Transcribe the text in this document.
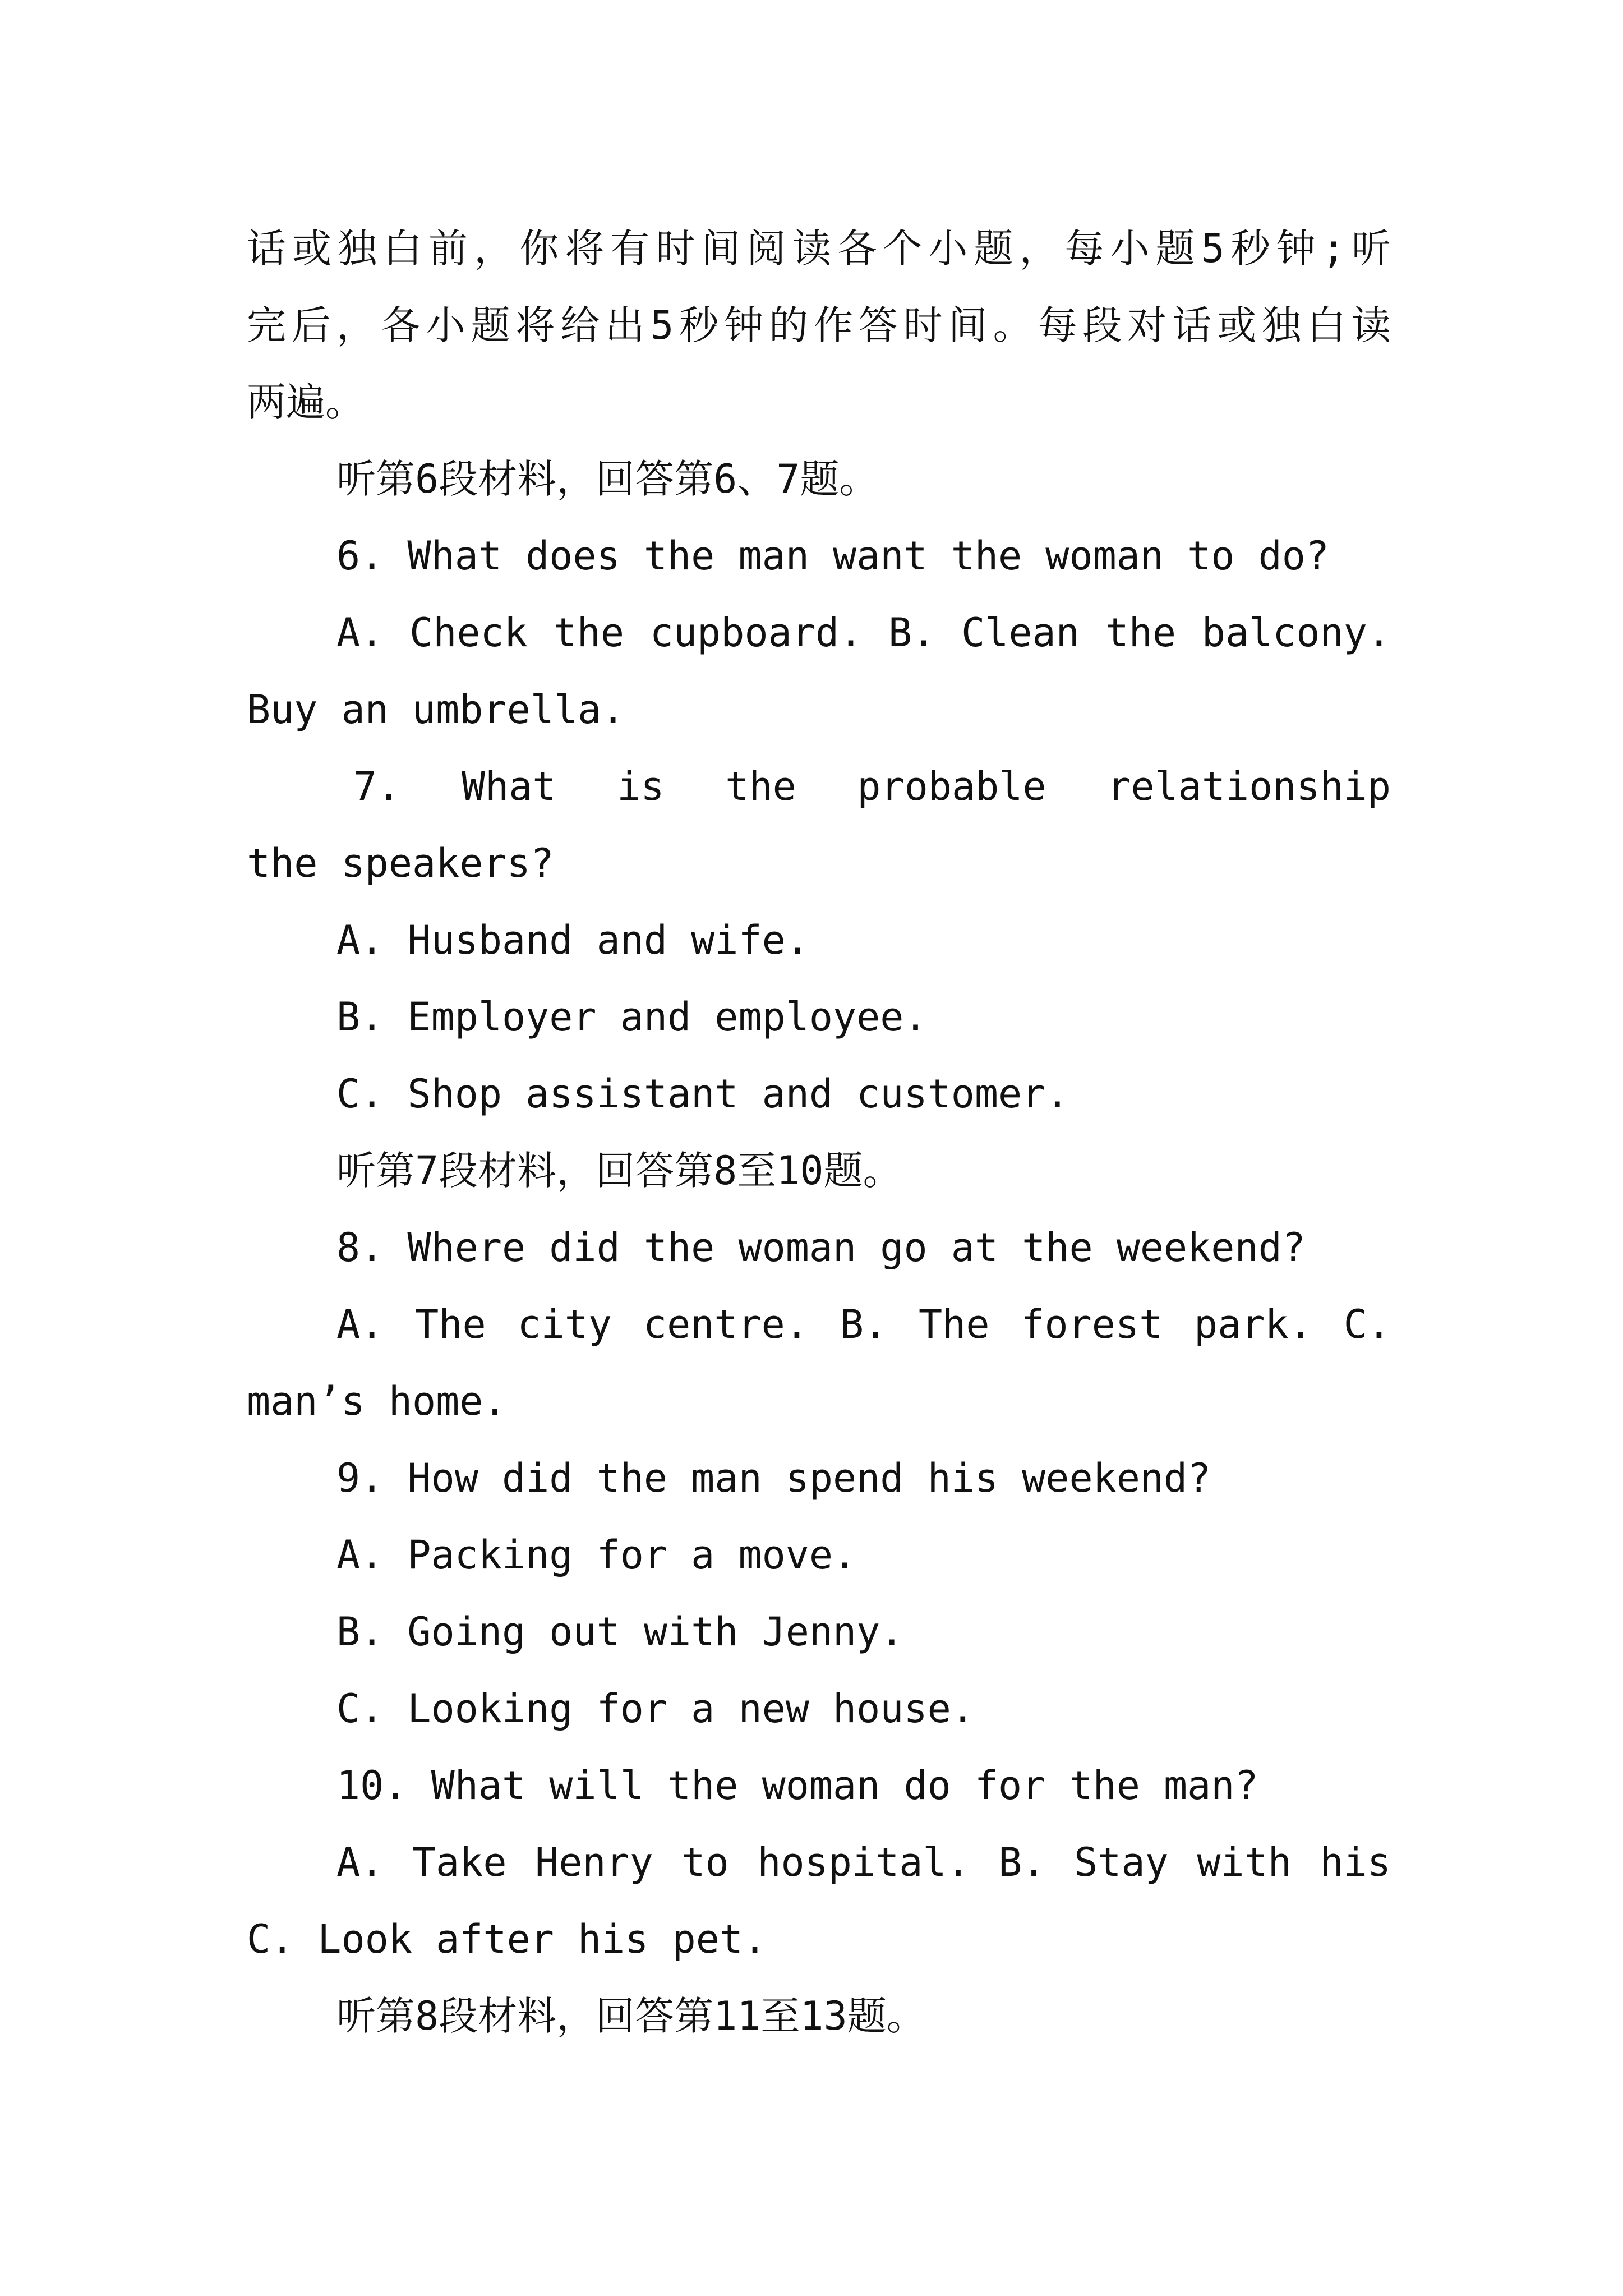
话或独白前，你将有时间阅读各个小题，每小题5秒钟;听
完后，各小题将给出5秒钟的作答时间。每段对话或独白读
两遍。
听第6段材料，回答第6、7题。
6. What does the man want the woman to do?
A. Check the cupboard. B. Clean the balcony.
Buy an umbrella.
7. What is the probable relationship
the speakers?
A. Husband and wife.
B. Employer and employee.
C. Shop assistant and customer.
听第7段材料，回答第8至10题。
8. Where did the woman go at the weekend?
A. The city centre. B. The forest park. C.
man’s home.
9. How did the man spend his weekend?
A. Packing for a move.
B. Going out with Jenny.
C. Looking for a new house.
10. What will the woman do for the man?
A. Take Henry to hospital. B. Stay with his
C. Look after his pet.
听第8段材料，回答第11至13题。
